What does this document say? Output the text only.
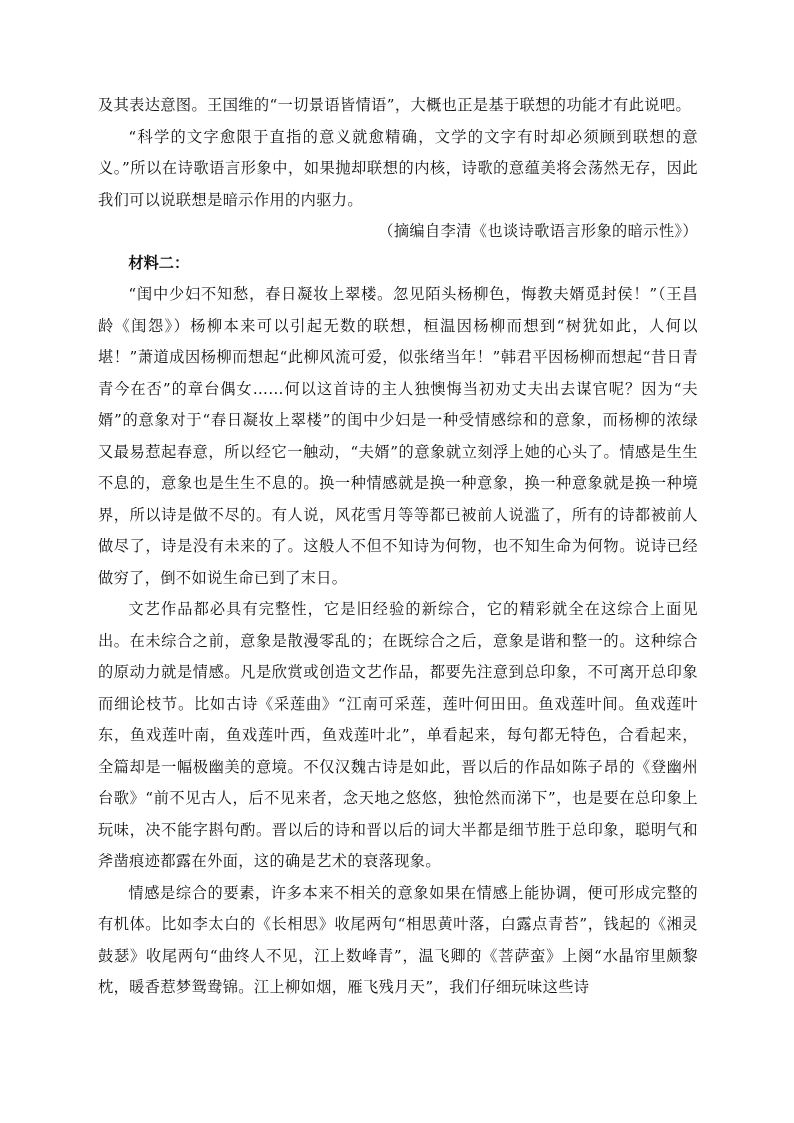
及其表达意图。王国维的“一切景语皆情语”，大概也正是基于联想的功能才有此说吧。

“科学的文字愈限于直指的意义就愈精确，文学的文字有时却必须顾到联想的意义。”所以在诗歌语言形象中，如果抛却联想的内核，诗歌的意蕴美将会荡然无存，因此我们可以说联想是暗示作用的内驱力。

（摘编自李清《也谈诗歌语言形象的暗示性》）

材料二：

“闺中少妇不知愁，春日凝妆上翠楼。忽见陌头杨柳色，悔教夫婿觅封侯！”（王昌龄《闺怨》）杨柳本来可以引起无数的联想，桓温因杨柳而想到“树犹如此，人何以堪！”萧道成因杨柳而想起“此柳风流可爱，似张绪当年！”韩君平因杨柳而想起“昔日青青今在否”的章台偶女……何以这首诗的主人独懊悔当初劝丈夫出去谋官呢？因为“夫婿”的意象对于“春日凝妆上翠楼”的闺中少妇是一种受情感综和的意象，而杨柳的浓绿又最易惹起春意，所以经它一触动，“夫婿”的意象就立刻浮上她的心头了。情感是生生不息的，意象也是生生不息的。换一种情感就是换一种意象，换一种意象就是换一种境界，所以诗是做不尽的。有人说，风花雪月等等都已被前人说滥了，所有的诗都被前人做尽了，诗是没有未来的了。这般人不但不知诗为何物，也不知生命为何物。说诗已经做穷了，倒不如说生命已到了末日。

文艺作品都必具有完整性，它是旧经验的新综合，它的精彩就全在这综合上面见出。在未综合之前，意象是散漫零乱的；在既综合之后，意象是谐和整一的。这种综合的原动力就是情感。凡是欣赏或创造文艺作品，都要先注意到总印象，不可离开总印象而细论枝节。比如古诗《采莲曲》“江南可采莲，莲叶何田田。鱼戏莲叶间。鱼戏莲叶东，鱼戏莲叶南，鱼戏莲叶西，鱼戏莲叶北”，单看起来，每句都无特色，合看起来，全篇却是一幅极幽美的意境。不仅汉魏古诗是如此，晋以后的作品如陈子昂的《登幽州台歌》“前不见古人，后不见来者，念天地之悠悠，独怆然而涕下”，也是要在总印象上玩味，决不能字斟句酌。晋以后的诗和晋以后的词大半都是细节胜于总印象，聪明气和斧凿痕迹都露在外面，这的确是艺术的衰落现象。

情感是综合的要素，许多本来不相关的意象如果在情感上能协调，便可形成完整的有机体。比如李太白的《长相思》收尾两句“相思黄叶落，白露点青苔”，钱起的《湘灵鼓瑟》收尾两句“曲终人不见，江上数峰青”，温飞卿的《菩萨蛮》上阕“水晶帘里颇黎枕，暖香惹梦鸳鸯锦。江上柳如烟，雁飞残月天”，我们仔细玩味这些诗
